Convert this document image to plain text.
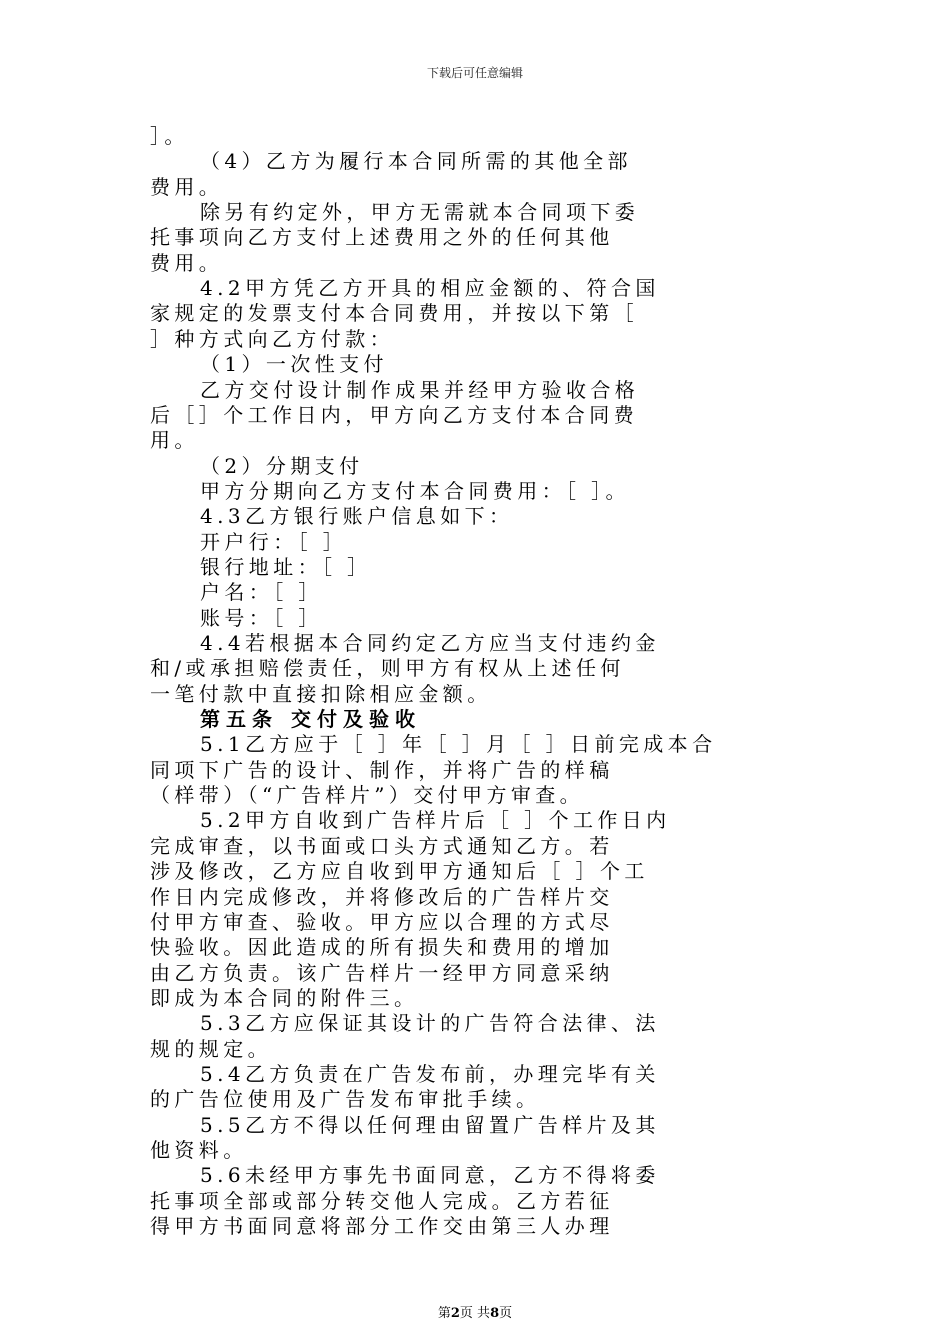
下载后可任意编辑
］。
（4）乙方为履行本合同所需的其他全部
费用。
除另有约定外，甲方无需就本合同项下委
托事项向乙方支付上述费用之外的任何其他
费用。
4.2甲方凭乙方开具的相应金额的、符合国
家规定的发票支付本合同费用，并按以下第［
］种方式向乙方付款：
（1）一次性支付
乙方交付设计制作成果并经甲方验收合格
后［］个工作日内，甲方向乙方支付本合同费
用。
（2）分期支付
甲方分期向乙方支付本合同费用：［ ］。
4.3乙方银行账户信息如下：
开户行：［ ］
银行地址：［ ］
户名：［ ］
账号：［ ］
4.4若根据本合同约定乙方应当支付违约金
和/或承担赔偿责任，则甲方有权从上述任何
一笔付款中直接扣除相应金额。
第五条 交付及验收
5.1乙方应于［ ］年［ ］月［ ］日前完成本合
同项下广告的设计、制作，并将广告的样稿
（样带）（“广告样片”）交付甲方审查。
5.2甲方自收到广告样片后［ ］个工作日内
完成审查，以书面或口头方式通知乙方。若
涉及修改，乙方应自收到甲方通知后［ ］个工
作日内完成修改，并将修改后的广告样片交
付甲方审查、验收。甲方应以合理的方式尽
快验收。因此造成的所有损失和费用的增加
由乙方负责。该广告样片一经甲方同意采纳
即成为本合同的附件三。
5.3乙方应保证其设计的广告符合法律、法
规的规定。
5.4乙方负责在广告发布前，办理完毕有关
的广告位使用及广告发布审批手续。
5.5乙方不得以任何理由留置广告样片及其
他资料。
5.6未经甲方事先书面同意，乙方不得将委
托事项全部或部分转交他人完成。乙方若征
得甲方书面同意将部分工作交由第三人办理
第2页 共8页
